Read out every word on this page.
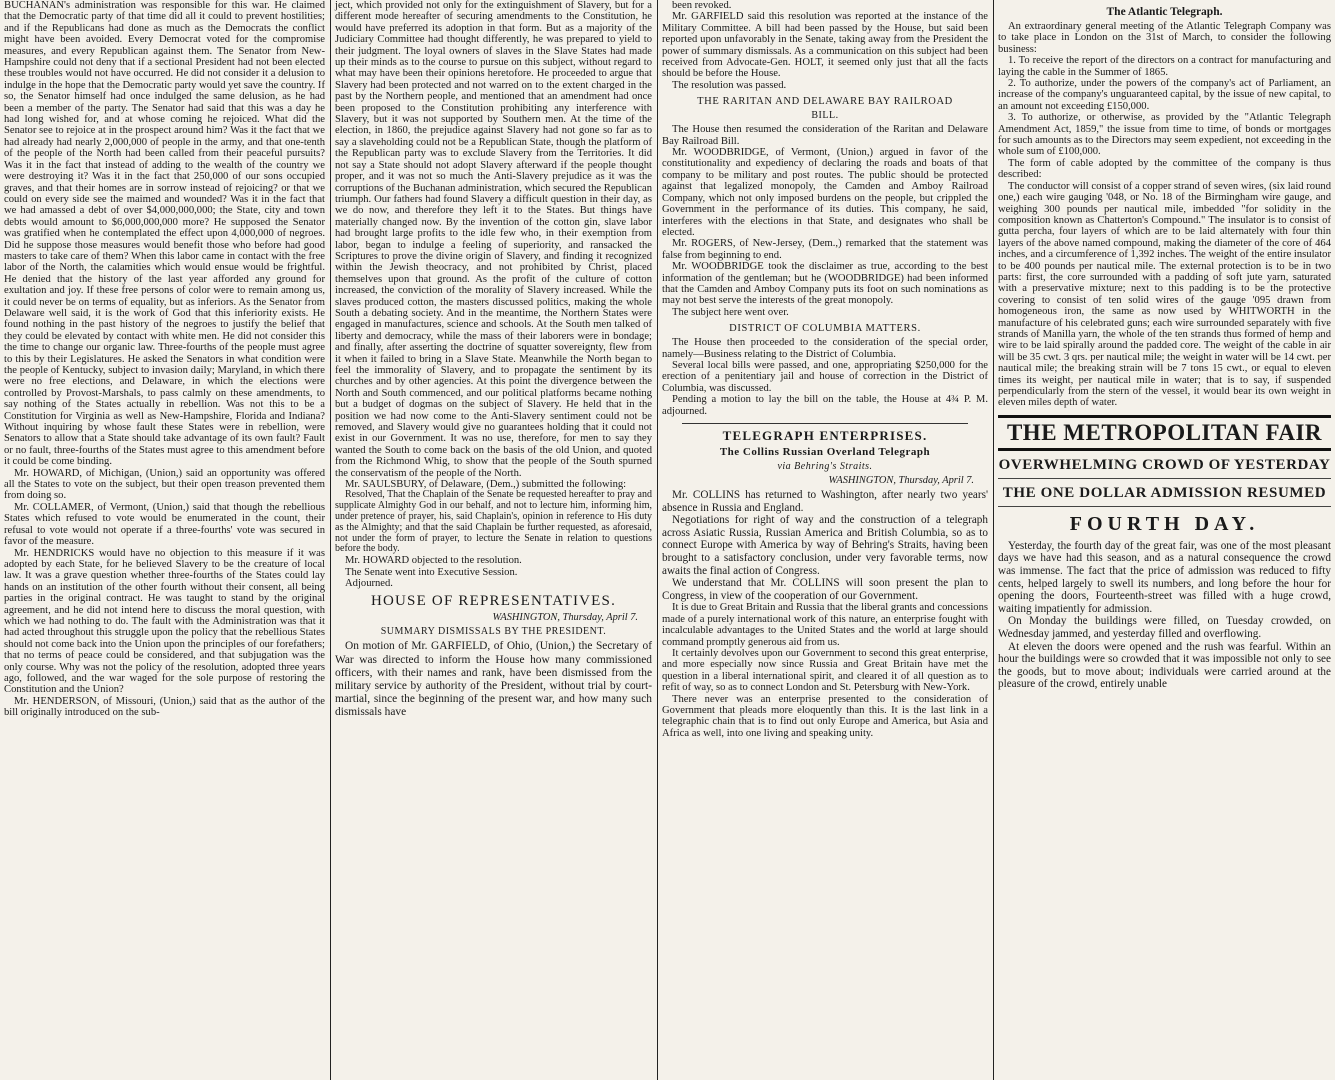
BUCHANAN's administration was responsible for this war. He claimed that the Democratic party of that time did all it could to prevent hostilities; and if the Republicans had done as much as the Democrats the conflict might have been avoided. Every Democrat voted for the compromise measures, and every Republican against them. The Senator from New-Hampshire could not deny that if a sectional President had not been elected these troubles would not have occurred. He did not consider it a delusion to indulge in the hope that the Democratic party would yet save the country. If so, the Senator himself had once indulged the same delusion, as he had been a member of the party. The Senator had said that this was a day he had long wished for, and at whose coming he rejoiced. What did the Senator see to rejoice at in the prospect around him? Was it the fact that we had already had nearly 2,000,000 of people in the army, and that one-tenth of the people of the North had been called from their peaceful pursuits? Was it in the fact that instead of adding to the wealth of the country we were destroying it? Was it in the fact that 250,000 of our sons occupied graves, and that their homes are in sorrow instead of rejoicing? or that we could on every side see the maimed and wounded? Was it in the fact that we had amassed a debt of over $4,000,000,000; the State, city and town debts would amount to $6,000,000,000 more? He supposed the Senator was gratified when he contemplated the effect upon 4,000,000 of negroes. Did he suppose those measures would benefit those who before had good masters to take care of them? When this labor came in contact with the free labor of the North, the calamities which would ensue would be frightful. He denied that the history of the last year afforded any ground for exultation and joy. If these free persons of color were to remain among us, it could never be on terms of equality, but as inferiors. As the Senator from Delaware well said, it is the work of God that this inferiority exists. He found nothing in the past history of the negroes to justify the belief that they could be elevated by contact with white men. He did not consider this the time to change our organic law. Three-fourths of the people must agree to this by their Legislatures. He asked the Senators in what condition were the people of Kentucky, subject to invasion daily; Maryland, in which there were no free elections, and Delaware, in which the elections were controlled by Provost-Marshals, to pass calmly on these amendments, to say nothing of the States actually in rebellion. Was not this to be a Constitution for Virginia as well as New-Hampshire, Florida and Indiana? Without inquiring by whose fault these States were in rebellion, were Senators to allow that a State should take advantage of its own fault? Fault or no fault, three-fourths of the States must agree to this amendment before it could be come binding.

Mr. HOWARD, of Michigan, (Union,) said an opportunity was offered all the States to vote on the subject, but their open treason prevented them from doing so.

Mr. COLLAMER, of Vermont, (Union,) said that though the rebellious States which refused to vote would be enumerated in the count, their refusal to vote would not operate if a three-fourths' vote was secured in favor of the measure.

Mr. HENDRICKS would have no objection to this measure if it was adopted by each State, for he believed Slavery to be the creature of local law. It was a grave question whether three-fourths of the States could lay hands on an institution of the other fourth without their consent, all being parties in the original contract. He was taught to stand by the original agreement, and he did not intend here to discuss the moral question, with which we had nothing to do. The fault with the Administration was that it had acted throughout this struggle upon the policy that the rebellious States should not come back into the Union upon the principles of our forefathers; that no terms of peace could be considered, and that subjugation was the only course. Why was not the policy of the resolution, adopted three years ago, followed, and the war waged for the sole purpose of restoring the Constitution and the Union?

Mr. HENDERSON, of Missouri, (Union,) said that as the author of the bill originally introduced on the sub-

ject, which provided not only for the extinguishment of Slavery, but for a different mode hereafter of securing amendments to the Constitution, he would have preferred its adoption in that form. But as a majority of the Judiciary Committee had thought differently, he was prepared to yield to their judgment. The loyal owners of slaves in the Slave States had made up their minds as to the course to pursue on this subject, without regard to what may have been their opinions heretofore. He proceeded to argue that Slavery had been protected and not warred on to the extent charged in the past by the Northern people, and mentioned that an amendment had once been proposed to the Constitution prohibiting any interference with Slavery, but it was not supported by Southern men. At the time of the election, in 1860, the prejudice against Slavery had not gone so far as to say a slaveholding could not be a Republican State, though the platform of the Republican party was to exclude Slavery from the Territories. It did not say a State should not adopt Slavery afterward if the people thought proper, and it was not so much the Anti-Slavery prejudice as it was the corruptions of the Buchanan administration, which secured the Republican triumph. Our fathers had found Slavery a difficult question in their day, as we do now, and therefore they left it to the States. But things have materially changed now. By the invention of the cotton gin, slave labor had brought large profits to the idle few who, in their exemption from labor, began to indulge a feeling of superiority, and ransacked the Scriptures to prove the divine origin of Slavery, and finding it recognized within the Jewish theocracy, and not prohibited by Christ, placed themselves upon that ground. As the profit of the culture of cotton increased, the conviction of the morality of Slavery increased. While the slaves produced cotton, the masters discussed politics, making the whole South a debating society. And in the meantime, the Northern States were engaged in manufactures, science and schools. At the South men talked of liberty and democracy, while the mass of their laborers were in bondage; and finally, after asserting the doctrine of squatter sovereignty, flew from it when it failed to bring in a Slave State. Meanwhile the North began to feel the immorality of Slavery, and to propagate the sentiment by its churches and by other agencies. At this point the divergence between the North and South commenced, and our political platforms became nothing but a budget of dogmas on the subject of Slavery. He held that in the position we had now come to the Anti-Slavery sentiment could not be removed, and Slavery would give no guarantees holding that it could not exist in our Government. It was no use, therefore, for men to say they wanted the South to come back on the basis of the old Union, and quoted from the Richmond Whig, to show that the people of the South spurned the conservatism of the people of the North.

Mr. SAULSBURY, of Delaware, (Dem.,) submitted the following:

Resolved, That the Chaplain of the Senate be requested hereafter to pray and supplicate Almighty God in our behalf, and not to lecture him, informing him, under pretence of prayer, his, said Chaplain's, opinion in reference to His duty as the Almighty; and that the said Chaplain be further requested, as aforesaid, not under the form of prayer, to lecture the Senate in relation to questions before the body.

Mr. HOWARD objected to the resolution.

The Senate went into Executive Session.

Adjourned.

HOUSE OF REPRESENTATIVES.
WASHINGTON, Thursday, April 7.
SUMMARY DISMISSALS BY THE PRESIDENT.

On motion of Mr. GARFIELD, of Ohio, (Union,) the Secretary of War was directed to inform the House how many commissioned officers, with their names and rank, have been dismissed from the military service by authority of the President, without trial by court-martial, since the beginning of the present war, and how many such dismissals have

been revoked.

Mr. GARFIELD said this resolution was reported at the instance of the Military Committee. A bill had been passed by the House, but said been reported upon unfavorably in the Senate, taking away from the President the power of summary dismissals. As a communication on this subject had been received from Advocate-Gen. HOLT, it seemed only just that all the facts should be before the House.

The resolution was passed.

THE RARITAN AND DELAWARE BAY RAILROAD
BILL.

The House then resumed the consideration of the Raritan and Delaware Bay Railroad Bill.

Mr. WOODBRIDGE, of Vermont, (Union,) argued in favor of the constitutionality and expediency of declaring the roads and boats of that company to be military and post routes. The public should be protected against that legalized monopoly, the Camden and Amboy Railroad Company, which not only imposed burdens on the people, but crippled the Government in the performance of its duties. This company, he said, interferes with the elections in that State, and designates who shall be elected.

Mr. ROGERS, of New-Jersey, (Dem.,) remarked that the statement was false from beginning to end.

Mr. WOODBRIDGE took the disclaimer as true, according to the best information of the gentleman; but he (WOODBRIDGE) had been informed that the Camden and Amboy Company puts its foot on such nominations as may not best serve the interests of the great monopoly.

The subject here went over.

DISTRICT OF COLUMBIA MATTERS.

The House then proceeded to the consideration of the special order, namely—Business relating to the District of Columbia.

Several local bills were passed, and one, appropriating $250,000 for the erection of a penitentiary jail and house of correction in the District of Columbia, was discussed.

Pending a motion to lay the bill on the table, the House at 4¾ P. M. adjourned.

TELEGRAPH ENTERPRISES.
The Collins Russian Overland Telegraph
via Behring's Straits.
WASHINGTON, Thursday, April 7.

Mr. COLLINS has returned to Washington, after nearly two years' absence in Russia and England.

Negotiations for right of way and the construction of a telegraph across Asiatic Russia, Russian America and British Columbia, so as to connect Europe with America by way of Behring's Straits, having been brought to a satisfactory conclusion, under very favorable terms, now awaits the final action of Congress.

We understand that Mr. COLLINS will soon present the plan to Congress, in view of the cooperation of our Government.

It is due to Great Britain and Russia that the liberal grants and concessions made of a purely international work of this nature, an enterprise fought with incalculable advantages to the United States and the world at large should command promptly generous aid from us.

It certainly devolves upon our Government to second this great enterprise, and more especially now since Russia and Great Britain have met the question in a liberal international spirit, and cleared it of all question as to refit of way, so as to connect London and St. Petersburg with New-York.

There never was an enterprise presented to the consideration of Government that pleads more eloquently than this. It is the last link in a telegraphic chain that is to find out only Europe and America, but Asia and Africa as well, into one living and speaking unity.

The Atlantic Telegraph.

An extraordinary general meeting of the Atlantic Telegraph Company was to take place in London on the 31st of March, to consider the following business:

1. To receive the report of the directors on a contract for manufacturing and laying the cable in the Summer of 1865.

2. To authorize, under the powers of the company's act of Parliament, an increase of the company's unguaranteed capital, by the issue of new capital, to an amount not exceeding £150,000.

3. To authorize, or otherwise, as provided by the "Atlantic Telegraph Amendment Act, 1859," the issue from time to time, of bonds or mortgages for such amounts as to the Directors may seem expedient, not exceeding in the whole sum of £100,000.

The form of cable adopted by the committee of the company is thus described:

The conductor will consist of a copper strand of seven wires, (six laid round one,) each wire gauging '048, or No. 18 of the Birmingham wire gauge, and weighing 300 pounds per nautical mile, imbedded "for solidity in the composition known as Chatterton's Compound." The insulator is to consist of gutta percha, four layers of which are to be laid alternately with four thin layers of the above named compound, making the diameter of the core of 464 inches, and a circumference of 1,392 inches. The weight of the entire insulator to be 400 pounds per nautical mile. The external protection is to be in two parts: first, the core surrounded with a padding of soft jute yarn, saturated with a preservative mixture; next to this padding is to be the protective covering to consist of ten solid wires of the gauge '095 drawn from homogeneous iron, the same as now used by WHITWORTH in the manufacture of his celebrated guns; each wire surrounded separately with five strands of Manilla yarn, the whole of the ten strands thus formed of hemp and wire to be laid spirally around the padded core. The weight of the cable in air will be 35 cwt. 3 qrs. per nautical mile; the weight in water will be 14 cwt. per nautical mile; the breaking strain will be 7 tons 15 cwt., or equal to eleven times its weight, per nautical mile in water; that is to say, if suspended perpendicularly from the stern of the vessel, it would bear its own weight in eleven miles depth of water.

THE METROPOLITAN FAIR
OVERWHELMING CROWD OF YESTERDAY
THE ONE DOLLAR ADMISSION RESUMED
FOURTH DAY.

Yesterday, the fourth day of the great fair, was one of the most pleasant days we have had this season, and as a natural consequence the crowd was immense. The fact that the price of admission was reduced to fifty cents, helped largely to swell its numbers, and long before the hour for opening the doors, Fourteenth-street was filled with a huge crowd, waiting impatiently for admission.

On Monday the buildings were filled, on Tuesday crowded, on Wednesday jammed, and yesterday filled and overflowing.

At eleven the doors were opened and the rush was fearful. Within an hour the buildings were so crowded that it was impossible not only to see the goods, but to move about; individuals were carried around at the pleasure of the crowd, entirely unable
